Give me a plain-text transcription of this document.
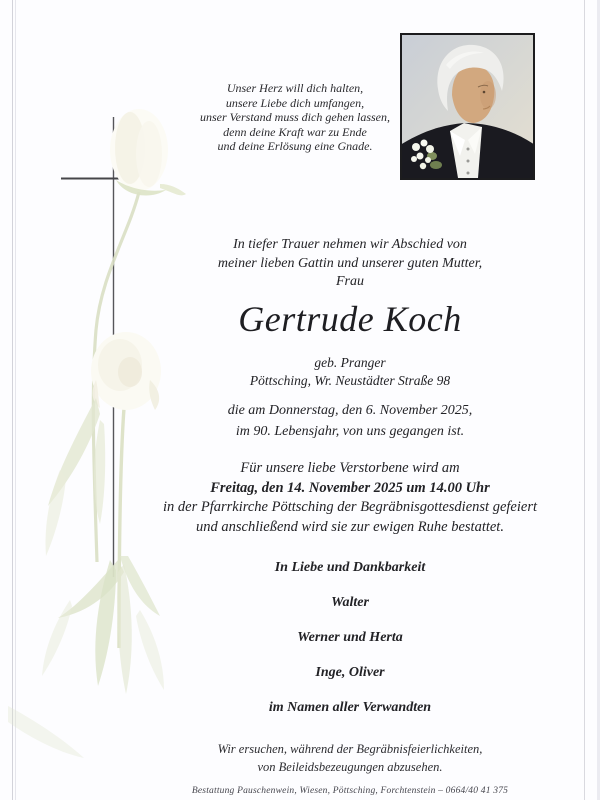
Unser Herz will dich halten,
unsere Liebe dich umfangen,
unser Verstand muss dich gehen lassen,
denn deine Kraft war zu Ende
und deine Erlösung eine Gnade.
In tiefer Trauer nehmen wir Abschied von
meiner lieben Gattin und unserer guten Mutter,
Frau
Gertrude Koch
geb. Pranger
Pöttsching, Wr. Neustädter Straße 98
die am Donnerstag, den 6. November 2025,
im 90. Lebensjahr, von uns gegangen ist.
Für unsere liebe Verstorbene wird am
Freitag, den 14. November 2025 um 14.00 Uhr
in der Pfarrkirche Pöttsching der Begräbnisgottesdienst gefeiert
und anschließend wird sie zur ewigen Ruhe bestattet.
In Liebe und Dankbarkeit
Walter
Werner und Herta
Inge, Oliver
im Namen aller Verwandten
Wir ersuchen, während der Begräbnisfeierlichkeiten,
von Beileidsbezeugungen abzusehen.
Bestattung Pauschenwein, Wiesen, Pöttsching, Forchtenstein – 0664/40 41 375
